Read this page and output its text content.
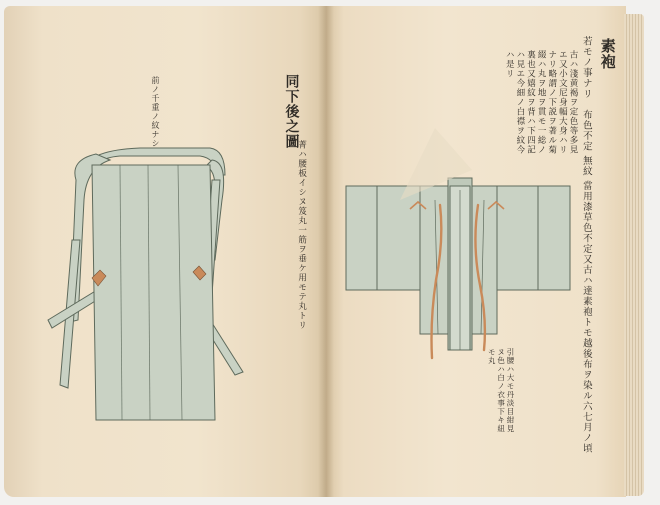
前ノ千重ノ紋ナシ	同下後之圖
菁ハ腰板イシヌ笈丸一筋ヲ垂ケ用モテ丸トリ
素袍
若モノ事ナリ　布色不定 無紋 當用漆草色不定又古ハ達素袍トモ越後布ヲ染ル六七月ノ頃
古ハ淺黄褐ヲ定色等多見エ又小文尼身幅大身ハリナリ略謂ノ下説ヲ著ル菊綴ハ丸ヲ地ヲ貫モ一総ノ裏也又嬉紋ヲ背ハ下四記ハ見エ今細ノ白襟ヲ紋今ハ是リ
引腰ハ大モ丹淡目紺見ヌ色ハ白ノ衣事下キ紐モ丸
